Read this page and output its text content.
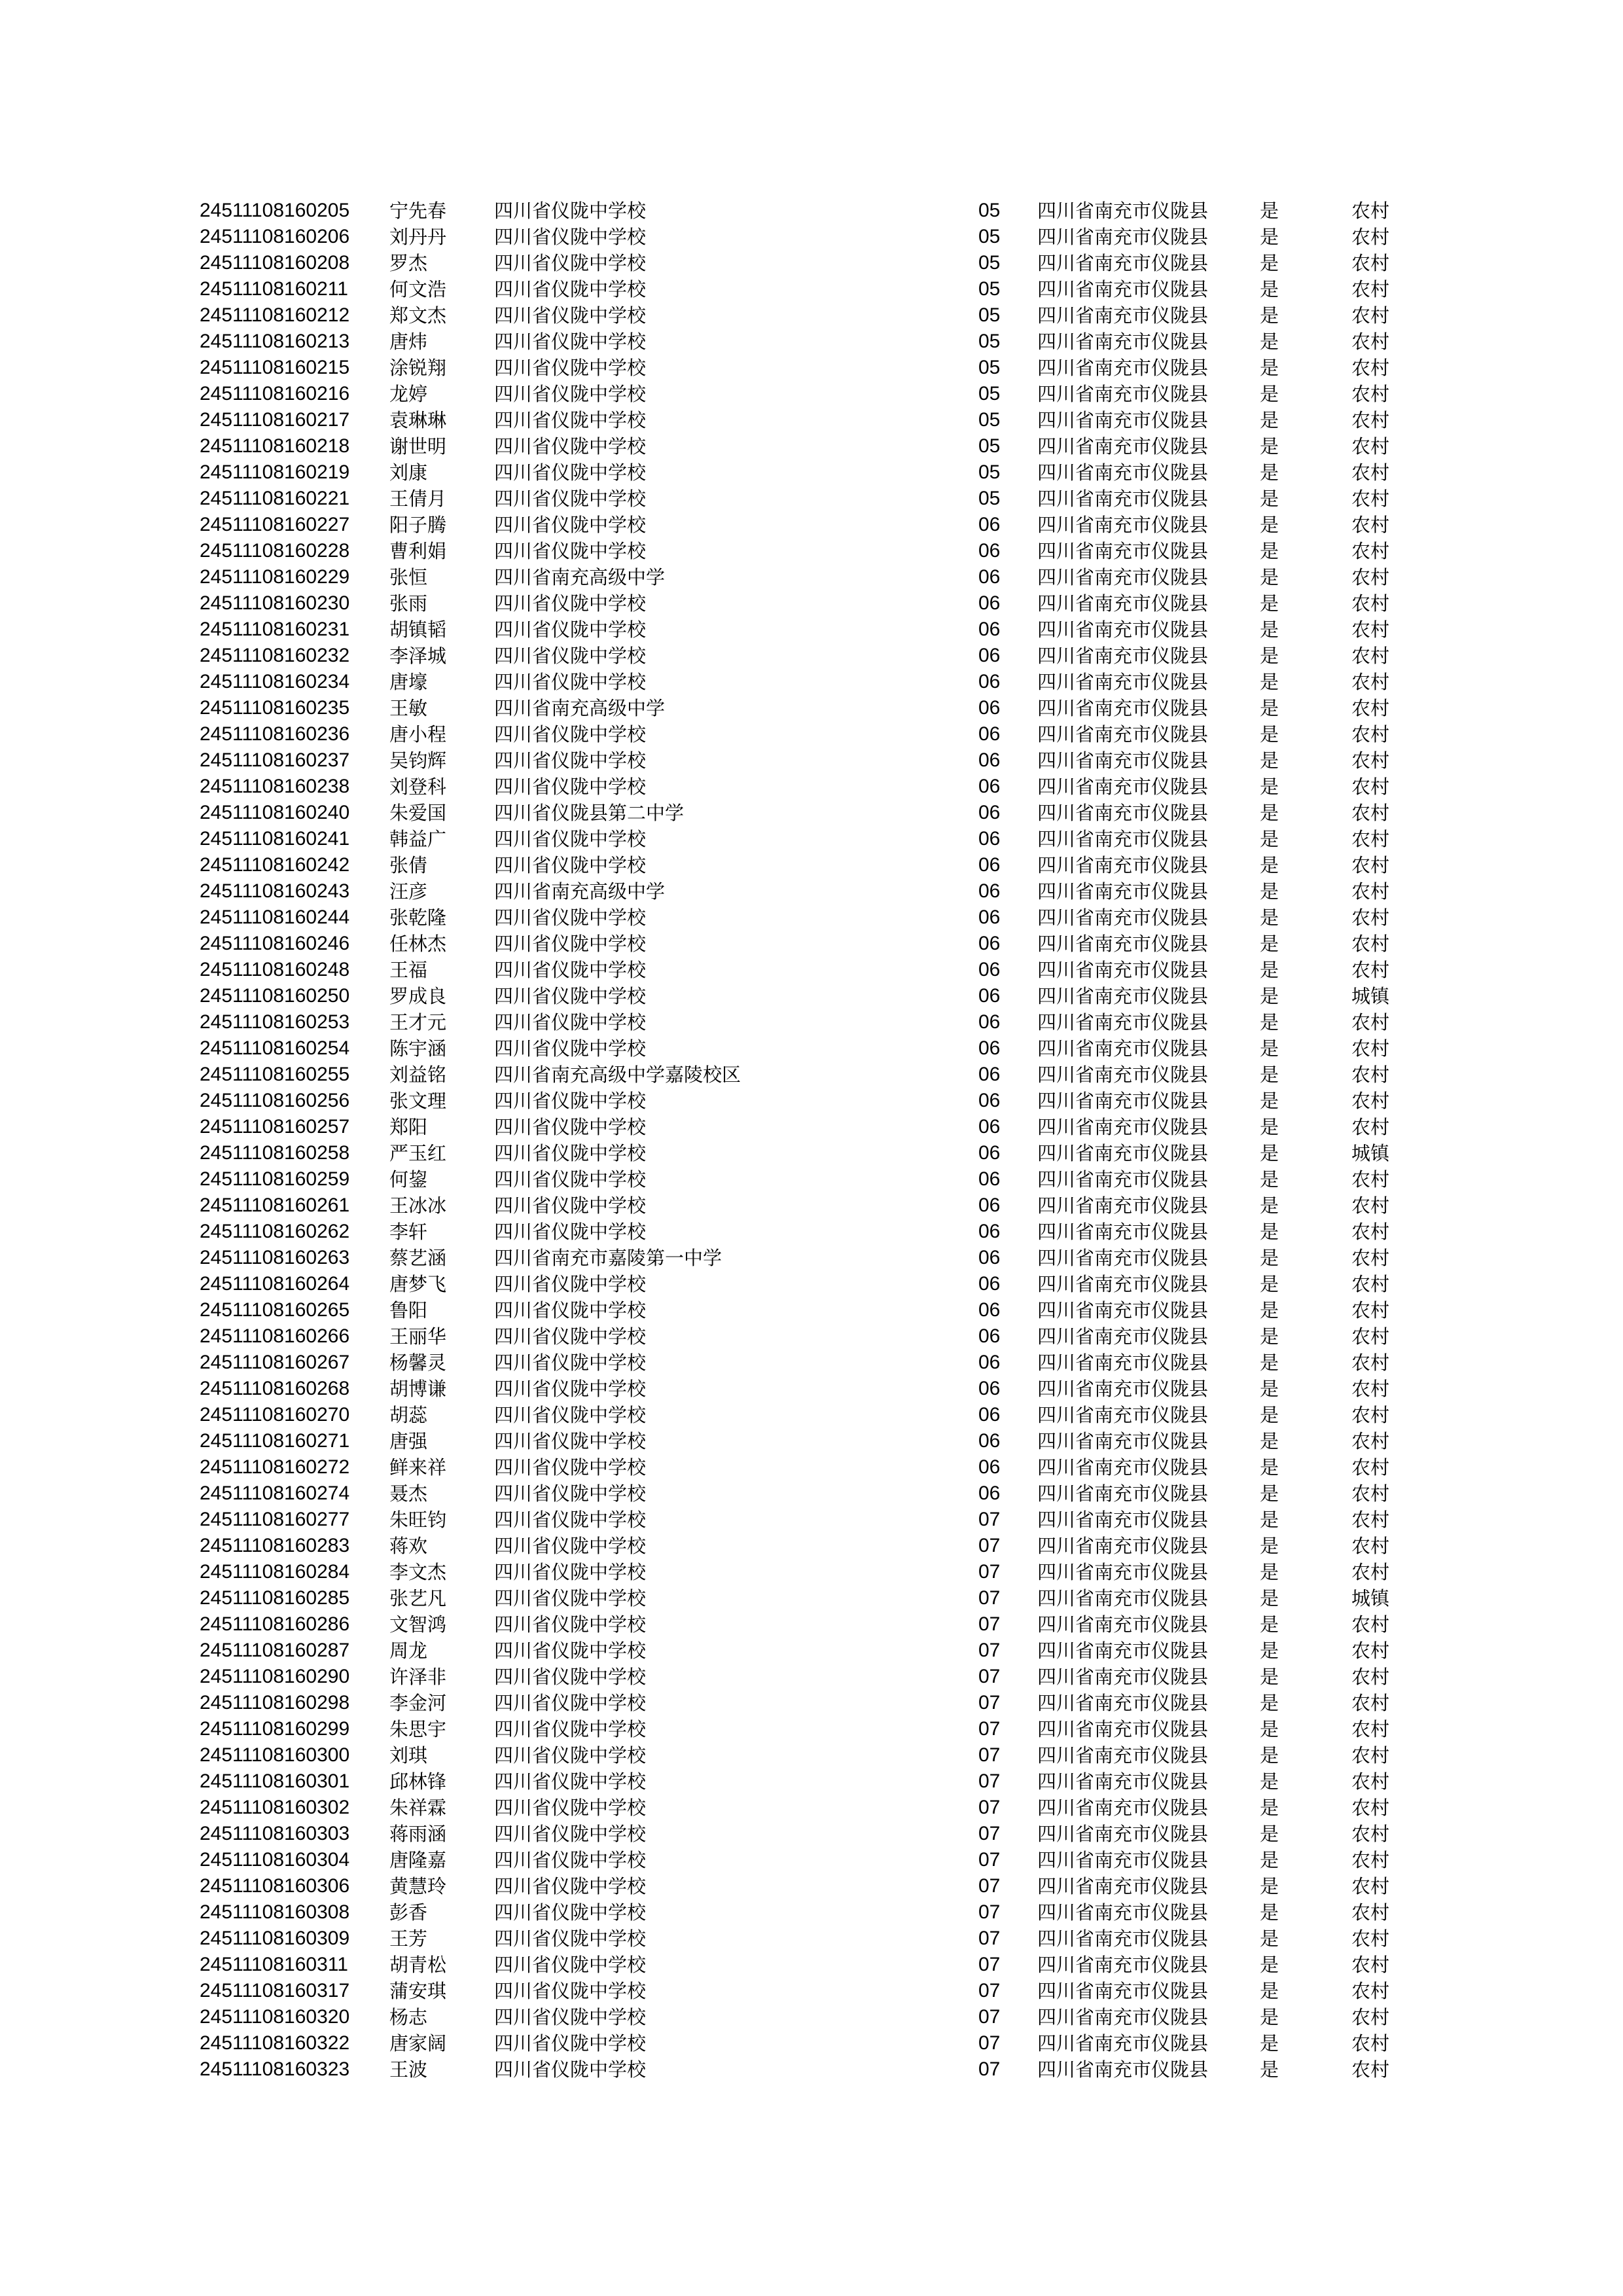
24511108160205	宁先春	四川省仪陇中学校	05	四川省南充市仪陇县	是	农村
24511108160206	刘丹丹	四川省仪陇中学校	05	四川省南充市仪陇县	是	农村
24511108160208	罗杰	四川省仪陇中学校	05	四川省南充市仪陇县	是	农村
24511108160211	何文浩	四川省仪陇中学校	05	四川省南充市仪陇县	是	农村
24511108160212	郑文杰	四川省仪陇中学校	05	四川省南充市仪陇县	是	农村
24511108160213	唐炜	四川省仪陇中学校	05	四川省南充市仪陇县	是	农村
24511108160215	涂锐翔	四川省仪陇中学校	05	四川省南充市仪陇县	是	农村
24511108160216	龙婷	四川省仪陇中学校	05	四川省南充市仪陇县	是	农村
24511108160217	袁琳琳	四川省仪陇中学校	05	四川省南充市仪陇县	是	农村
24511108160218	谢世明	四川省仪陇中学校	05	四川省南充市仪陇县	是	农村
24511108160219	刘康	四川省仪陇中学校	05	四川省南充市仪陇县	是	农村
24511108160221	王倩月	四川省仪陇中学校	05	四川省南充市仪陇县	是	农村
24511108160227	阳子腾	四川省仪陇中学校	06	四川省南充市仪陇县	是	农村
24511108160228	曹利娟	四川省仪陇中学校	06	四川省南充市仪陇县	是	农村
24511108160229	张恒	四川省南充高级中学	06	四川省南充市仪陇县	是	农村
24511108160230	张雨	四川省仪陇中学校	06	四川省南充市仪陇县	是	农村
24511108160231	胡镇韬	四川省仪陇中学校	06	四川省南充市仪陇县	是	农村
24511108160232	李泽城	四川省仪陇中学校	06	四川省南充市仪陇县	是	农村
24511108160234	唐壕	四川省仪陇中学校	06	四川省南充市仪陇县	是	农村
24511108160235	王敏	四川省南充高级中学	06	四川省南充市仪陇县	是	农村
24511108160236	唐小程	四川省仪陇中学校	06	四川省南充市仪陇县	是	农村
24511108160237	吴钧辉	四川省仪陇中学校	06	四川省南充市仪陇县	是	农村
24511108160238	刘登科	四川省仪陇中学校	06	四川省南充市仪陇县	是	农村
24511108160240	朱爱国	四川省仪陇县第二中学	06	四川省南充市仪陇县	是	农村
24511108160241	韩益广	四川省仪陇中学校	06	四川省南充市仪陇县	是	农村
24511108160242	张倩	四川省仪陇中学校	06	四川省南充市仪陇县	是	农村
24511108160243	汪彦	四川省南充高级中学	06	四川省南充市仪陇县	是	农村
24511108160244	张乾隆	四川省仪陇中学校	06	四川省南充市仪陇县	是	农村
24511108160246	任林杰	四川省仪陇中学校	06	四川省南充市仪陇县	是	农村
24511108160248	王福	四川省仪陇中学校	06	四川省南充市仪陇县	是	农村
24511108160250	罗成良	四川省仪陇中学校	06	四川省南充市仪陇县	是	城镇
24511108160253	王才元	四川省仪陇中学校	06	四川省南充市仪陇县	是	农村
24511108160254	陈宇涵	四川省仪陇中学校	06	四川省南充市仪陇县	是	农村
24511108160255	刘益铭	四川省南充高级中学嘉陵校区	06	四川省南充市仪陇县	是	农村
24511108160256	张文理	四川省仪陇中学校	06	四川省南充市仪陇县	是	农村
24511108160257	郑阳	四川省仪陇中学校	06	四川省南充市仪陇县	是	农村
24511108160258	严玉红	四川省仪陇中学校	06	四川省南充市仪陇县	是	城镇
24511108160259	何鋆	四川省仪陇中学校	06	四川省南充市仪陇县	是	农村
24511108160261	王冰冰	四川省仪陇中学校	06	四川省南充市仪陇县	是	农村
24511108160262	李轩	四川省仪陇中学校	06	四川省南充市仪陇县	是	农村
24511108160263	蔡艺涵	四川省南充市嘉陵第一中学	06	四川省南充市仪陇县	是	农村
24511108160264	唐梦飞	四川省仪陇中学校	06	四川省南充市仪陇县	是	农村
24511108160265	鲁阳	四川省仪陇中学校	06	四川省南充市仪陇县	是	农村
24511108160266	王丽华	四川省仪陇中学校	06	四川省南充市仪陇县	是	农村
24511108160267	杨馨灵	四川省仪陇中学校	06	四川省南充市仪陇县	是	农村
24511108160268	胡博谦	四川省仪陇中学校	06	四川省南充市仪陇县	是	农村
24511108160270	胡蕊	四川省仪陇中学校	06	四川省南充市仪陇县	是	农村
24511108160271	唐强	四川省仪陇中学校	06	四川省南充市仪陇县	是	农村
24511108160272	鲜来祥	四川省仪陇中学校	06	四川省南充市仪陇县	是	农村
24511108160274	聂杰	四川省仪陇中学校	06	四川省南充市仪陇县	是	农村
24511108160277	朱旺钧	四川省仪陇中学校	07	四川省南充市仪陇县	是	农村
24511108160283	蒋欢	四川省仪陇中学校	07	四川省南充市仪陇县	是	农村
24511108160284	李文杰	四川省仪陇中学校	07	四川省南充市仪陇县	是	农村
24511108160285	张艺凡	四川省仪陇中学校	07	四川省南充市仪陇县	是	城镇
24511108160286	文智鸿	四川省仪陇中学校	07	四川省南充市仪陇县	是	农村
24511108160287	周龙	四川省仪陇中学校	07	四川省南充市仪陇县	是	农村
24511108160290	许泽非	四川省仪陇中学校	07	四川省南充市仪陇县	是	农村
24511108160298	李金河	四川省仪陇中学校	07	四川省南充市仪陇县	是	农村
24511108160299	朱思宇	四川省仪陇中学校	07	四川省南充市仪陇县	是	农村
24511108160300	刘琪	四川省仪陇中学校	07	四川省南充市仪陇县	是	农村
24511108160301	邱林锋	四川省仪陇中学校	07	四川省南充市仪陇县	是	农村
24511108160302	朱祥霖	四川省仪陇中学校	07	四川省南充市仪陇县	是	农村
24511108160303	蒋雨涵	四川省仪陇中学校	07	四川省南充市仪陇县	是	农村
24511108160304	唐隆嘉	四川省仪陇中学校	07	四川省南充市仪陇县	是	农村
24511108160306	黄慧玲	四川省仪陇中学校	07	四川省南充市仪陇县	是	农村
24511108160308	彭香	四川省仪陇中学校	07	四川省南充市仪陇县	是	农村
24511108160309	王芳	四川省仪陇中学校	07	四川省南充市仪陇县	是	农村
24511108160311	胡青松	四川省仪陇中学校	07	四川省南充市仪陇县	是	农村
24511108160317	蒲安琪	四川省仪陇中学校	07	四川省南充市仪陇县	是	农村
24511108160320	杨志	四川省仪陇中学校	07	四川省南充市仪陇县	是	农村
24511108160322	唐家阔	四川省仪陇中学校	07	四川省南充市仪陇县	是	农村
24511108160323	王波	四川省仪陇中学校	07	四川省南充市仪陇县	是	农村
